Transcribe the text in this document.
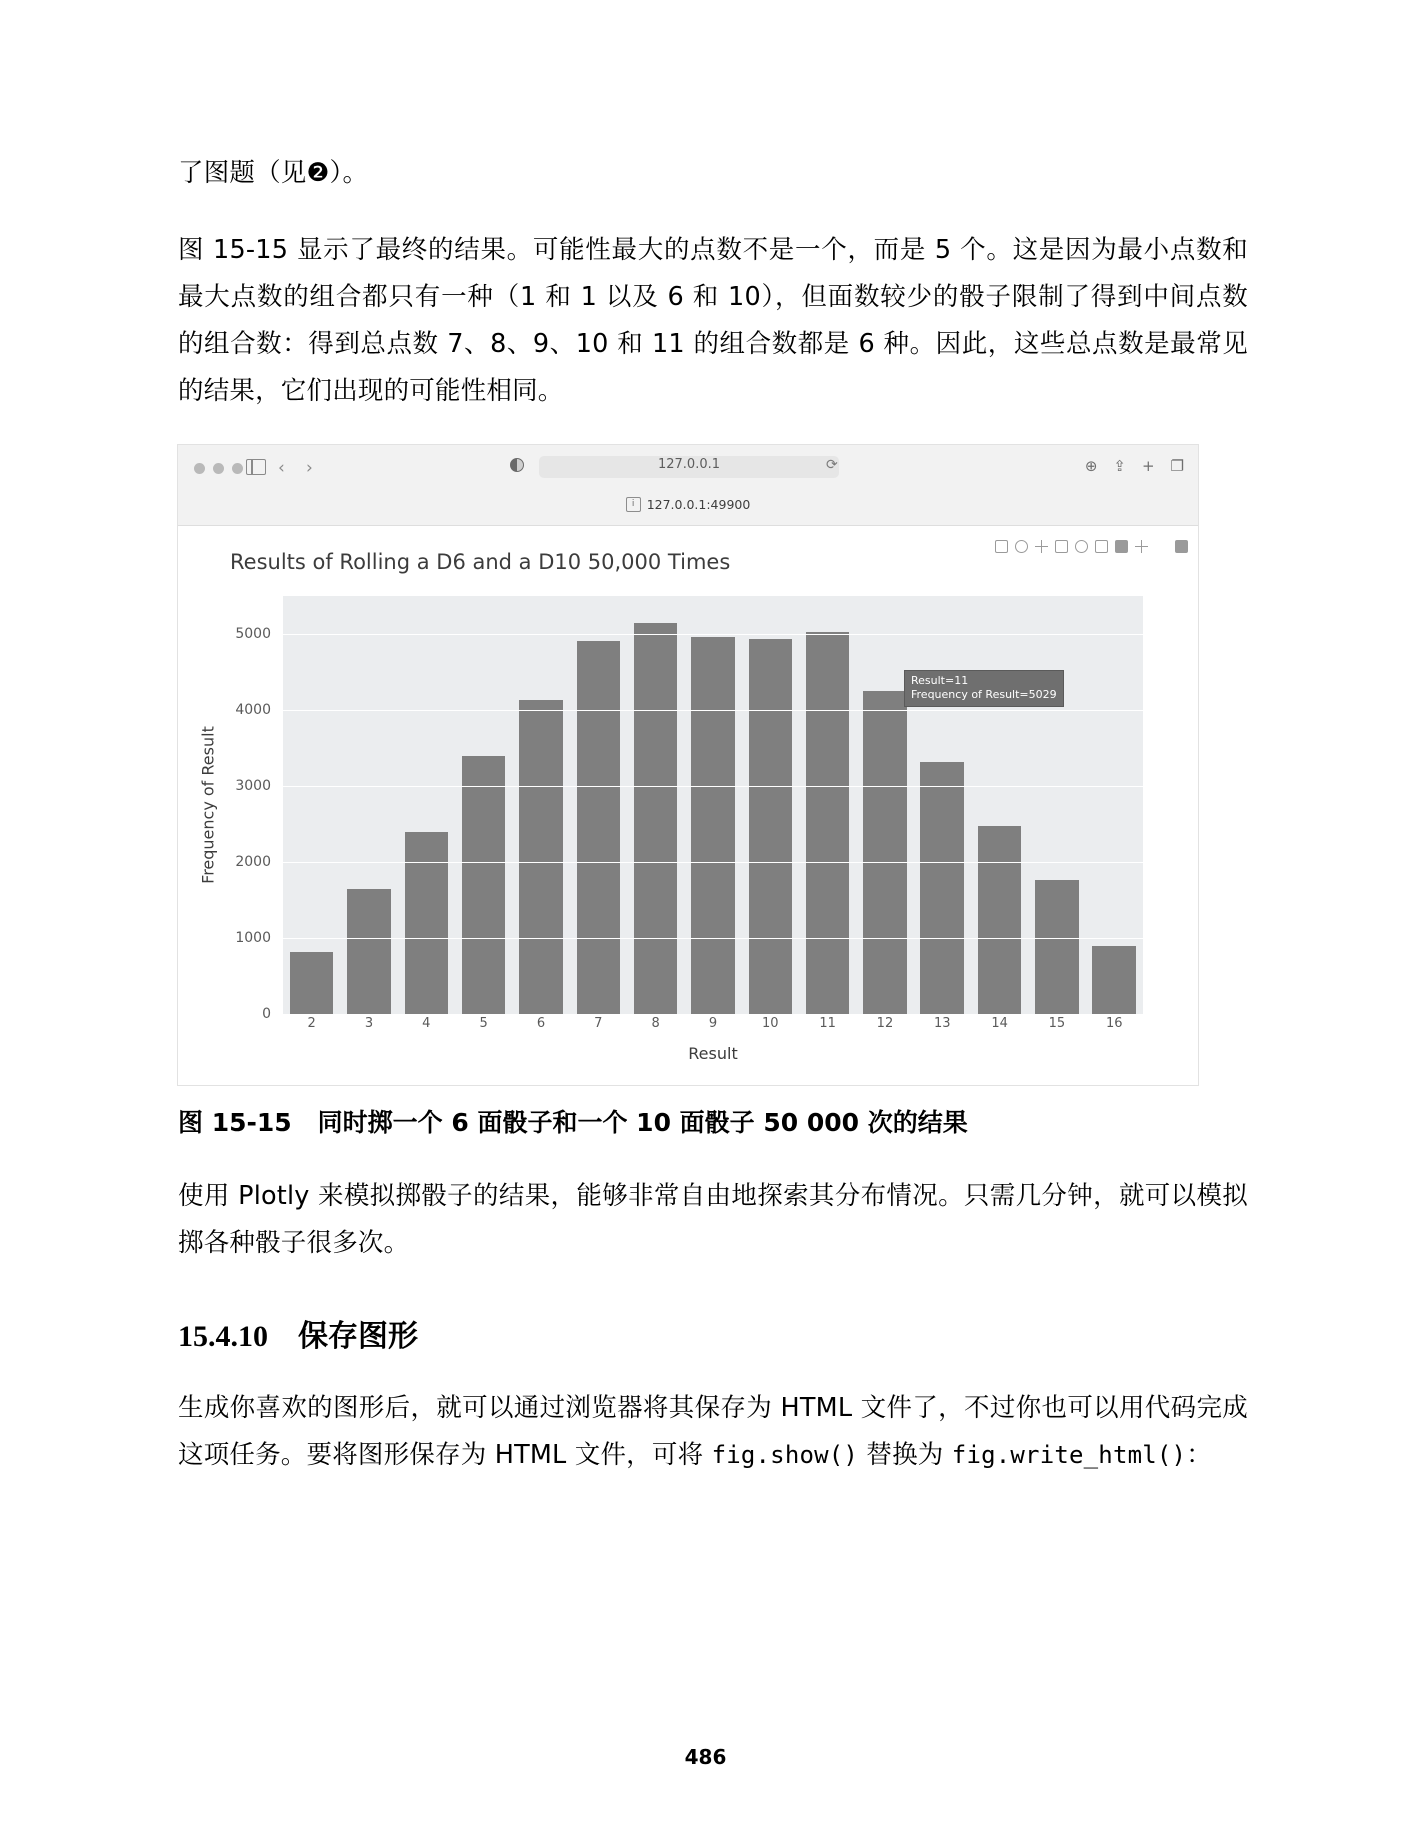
了图题（见❷）。

图 15-15 显示了最终的结果。可能性最大的点数不是一个，而是 5 个。这是因为最小点数和最大点数的组合都只有一种（1 和 1 以及 6 和 10），但面数较少的骰子限制了得到中间点数的组合数：得到总点数 7、8、9、10 和 11 的组合数都是 6 种。因此，这些总点数是最常见的结果，它们出现的可能性相同。

‹ ›	127.0.0.1	⟳	⊕ ⇪ + ❐
i 127.0.0.1:49900
Results of Rolling a D6 and a D10 50,000 Times
Frequency of Result
Result=11
Frequency of Result=5029
0
1000
2000
3000
4000
5000
2	3	4	5	6	7	8	9	10	11	12	13	14	15	16
Result
图 15-15 同时掷一个 6 面骰子和一个 10 面骰子 50 000 次的结果

使用 Plotly 来模拟掷骰子的结果，能够非常自由地探索其分布情况。只需几分钟，就可以模拟掷各种骰子很多次。

15.4.10 保存图形

生成你喜欢的图形后，就可以通过浏览器将其保存为 HTML 文件了，不过你也可以用代码完成这项任务。要将图形保存为 HTML 文件，可将 fig.show() 替换为 fig.write_html()：

486
